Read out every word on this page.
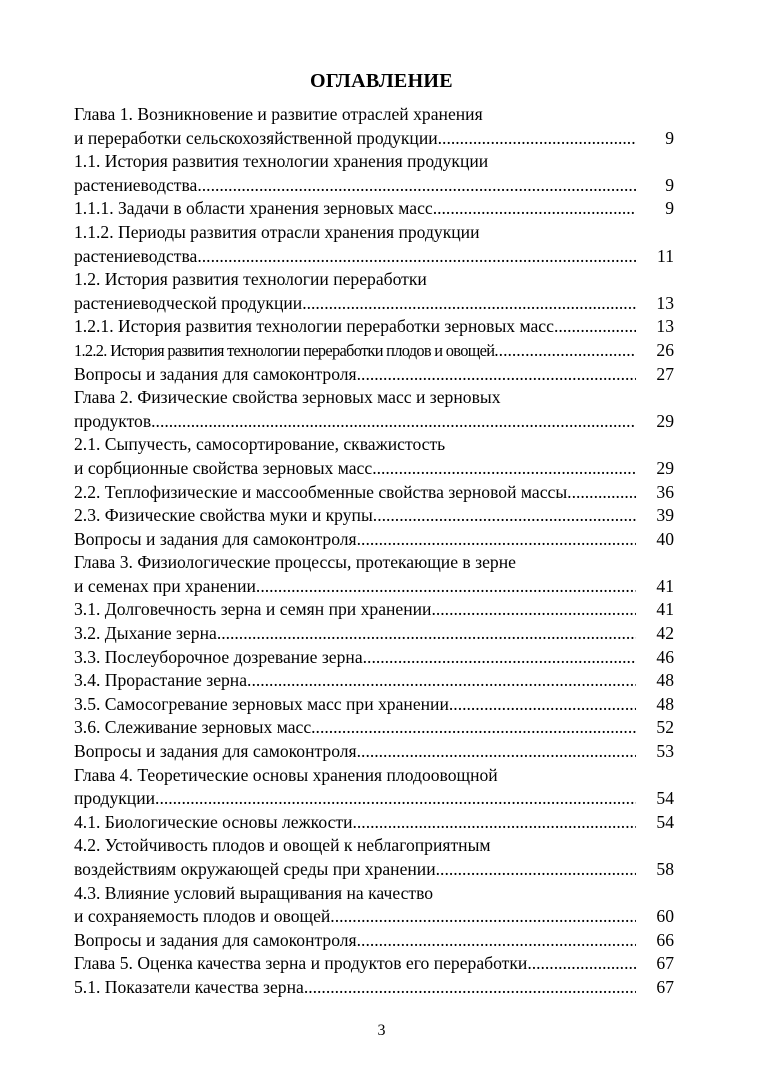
ОГЛАВЛЕНИЕ
Глава 1. Возникновение и развитие отраслей хранения
и переработки сельскохозяйственной продукции .....	9
1.1. История развития технологии хранения продукции
растениеводства .....	9
1.1.1. Задачи в области хранения зерновых масс .....	9
1.1.2. Периоды развития отрасли хранения продукции
растениеводства .....	11
1.2. История развития технологии переработки
растениеводческой продукции .....	13
1.2.1. История развития технологии переработки зерновых масс .....	13
1.2.2. История развития технологии переработки плодов и овощей .....	26
Вопросы и задания для самоконтроля .....	27
Глава 2. Физические свойства зерновых масс и зерновых
продуктов .....	29
2.1. Сыпучесть, самосортирование, скважистость
и сорбционные свойства зерновых масс .....	29
2.2. Теплофизические и массообменные свойства зерновой массы .....	36
2.3. Физические свойства муки и крупы .....	39
Вопросы и задания для самоконтроля .....	40
Глава 3. Физиологические процессы, протекающие в зерне
и семенах при хранении .....	41
3.1. Долговечность зерна и семян при хранении .....	41
3.2. Дыхание зерна .....	42
3.3. Послеуборочное дозревание зерна .....	46
3.4. Прорастание зерна .....	48
3.5. Самосогревание зерновых масс при хранении .....	48
3.6. Слеживание зерновых масс .....	52
Вопросы и задания для самоконтроля .....	53
Глава 4. Теоретические основы хранения плодоовощной
продукции .....	54
4.1. Биологические основы лежкости .....	54
4.2. Устойчивость плодов и овощей к неблагоприятным
воздействиям окружающей среды при хранении .....	58
4.3. Влияние условий выращивания на качество
и сохраняемость плодов и овощей .....	60
Вопросы и задания для самоконтроля .....	66
Глава 5. Оценка качества зерна и продуктов его переработки .....	67
5.1. Показатели качества зерна .....	67
3
